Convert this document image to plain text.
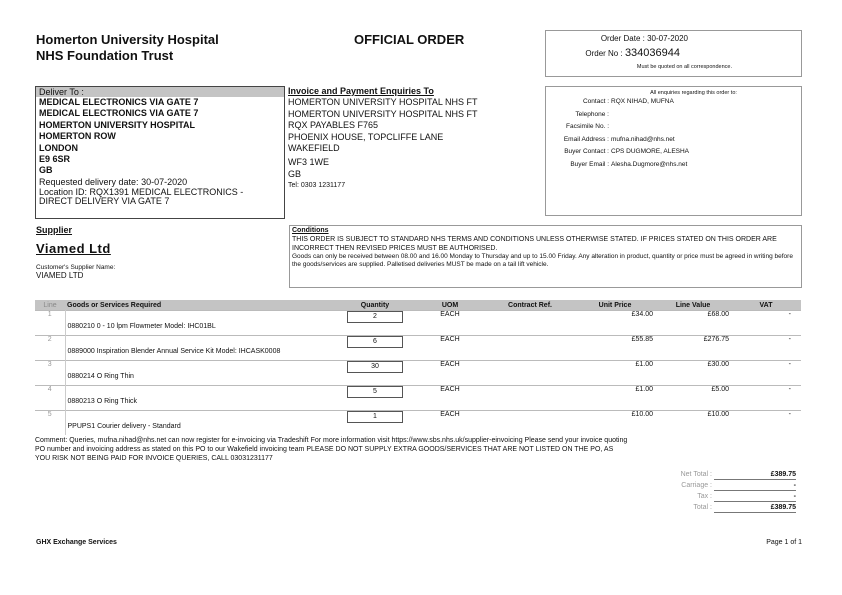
Homerton University Hospital
NHS Foundation Trust
OFFICIAL ORDER	Order Date : 30-07-2020
Order No : 334036944
Must be quoted on all correspondence.
Deliver To :
MEDICAL ELECTRONICS VIA GATE 7
MEDICAL ELECTRONICS VIA GATE 7
HOMERTON UNIVERSITY HOSPITAL
HOMERTON ROW
LONDON
E9 6SR
GB
Requested delivery date: 30-07-2020
Location ID: RQX1391 MEDICAL ELECTRONICS -
DIRECT DELIVERY VIA GATE 7
Invoice and Payment Enquiries To
HOMERTON UNIVERSITY HOSPITAL NHS FT
HOMERTON UNIVERSITY HOSPITAL NHS FT
RQX PAYABLES F765
PHOENIX HOUSE, TOPCLIFFE LANE
WAKEFIELD
WF3 1WE
GB
Tel: 0303 1231177
All enquiries regarding this order to:
Contact : RQX NIHAD, MUFNA
Telephone :
Facsimile No. :
Email Address : mufna.nihad@nhs.net
Buyer Contact : CPS DUGMORE, ALESHA
Buyer Email : Alesha.Dugmore@nhs.net
Supplier
Viamed Ltd
Customer's Supplier Name:
VIAMED LTD
Conditions
THIS ORDER IS SUBJECT TO STANDARD NHS TERMS AND CONDITIONS UNLESS OTHERWISE STATED. IF PRICES STATED ON THIS ORDER ARE INCORRECT THEN REVISED PRICES MUST BE AUTHORISED.
Goods can only be received between 08.00 and 16.00 Monday to Thursday and up to 15.00 Friday. Any alteration in product, quantity or price must be agreed in writing before the goods/services are supplied. Palletised deliveries MUST be made on a tail lift vehicle.
Line	Goods or Services Required	Quantity	UOM	Contract Ref.	Unit Price	Line Value	VAT
1		2	EACH		£34.00	£68.00	-
	0880210 0 - 10 lpm Flowmeter Model: IHC01BL						
2		6	EACH		£55.85	£276.75	-
	0889000 Inspiration Blender Annual Service Kit Model: IHCASK0008						
3		30	EACH		£1.00	£30.00	-
	0880214 O Ring Thin						
4		5	EACH		£1.00	£5.00	-
	0880213 O Ring Thick						
5		1	EACH		£10.00	£10.00	-
	PPUPS1 Courier delivery - Standard						
Comment: Queries, mufna.nihad@nhs.net can now register for e-invoicing via Tradeshift For more information visit https://www.sbs.nhs.uk/supplier-einvoicing Please send your invoice quoting
PO number and invoicing address as stated on this PO to our Wakefield invoicing team PLEASE DO NOT SUPPLY EXTRA GOODS/SERVICES THAT ARE NOT LISTED ON THE PO, AS
YOU RISK NOT BEING PAID FOR INVOICE QUERIES, CALL 03031231177
Net Total :	£389.75
Carriage :	-
Tax :	-
Total :	£389.75
GHX Exchange Services	Page 1 of 1
